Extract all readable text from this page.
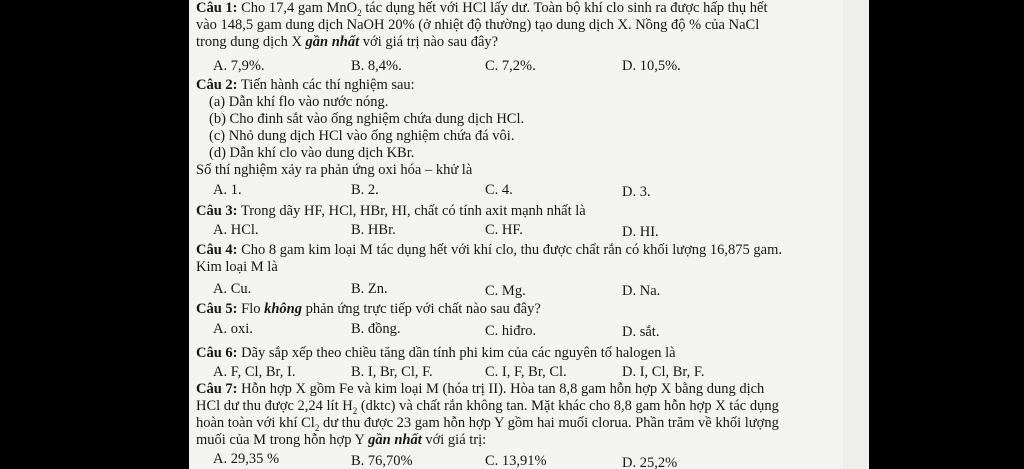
Câu 1: Cho 17,4 gam MnO$_2$ tác dụng hết với HCl lấy dư. Toàn bộ khí clo sinh ra được hấp thụ hết
vào 148,5 gam dung dịch NaOH 20% (ở nhiệt độ thường) tạo dung dịch X. Nồng độ % của NaCl
trong dung dịch X gần nhất với giá trị nào sau đây?
A. 7,9%.	B. 8,4%.	C. 7,2%.	D. 10,5%.
Câu 2: Tiến hành các thí nghiệm sau:
(a) Dẫn khí flo vào nước nóng.
(b) Cho đinh sắt vào ống nghiệm chứa dung dịch HCl.
(c) Nhỏ dung dịch HCl vào ống nghiệm chứa đá vôi.
(d) Dẫn khí clo vào dung dịch KBr.
Số thí nghiệm xảy ra phản ứng oxi hóa – khử là
A. 1.	B. 2.	C. 4.	D. 3.
Câu 3: Trong dãy HF, HCl, HBr, HI, chất có tính axit mạnh nhất là
A. HCl.	B. HBr.	C. HF.	D. HI.
Câu 4: Cho 8 gam kim loại M tác dụng hết với khí clo, thu được chất rắn có khối lượng 16,875 gam.
Kim loại M là
A. Cu.	B. Zn.	C. Mg.	D. Na.
Câu 5: Flo không phản ứng trực tiếp với chất nào sau đây?
A. oxi.	B. đồng.	C. hiđro.	D. sắt.
Câu 6: Dãy sắp xếp theo chiều tăng dần tính phi kim của các nguyên tố halogen là
A. F, Cl, Br, I.	B. I, Br, Cl, F.	C. I, F, Br, Cl.	D. I, Cl, Br, F.
Câu 7: Hỗn hợp X gồm Fe và kim loại M (hóa trị II). Hòa tan 8,8 gam hỗn hợp X bằng dung dịch
HCl dư thu được 2,24 lít $H_2$ (dktc) và chất rắn không tan. Mặt khác cho 8,8 gam hỗn hợp X tác dụng
hoàn toàn với khí $Cl_2$ dư thu được 23 gam hỗn hợp Y gồm hai muối clorua. Phần trăm về khối lượng
muối của M trong hỗn hợp Y gần nhất với giá trị:
A. 29,35 %	B. 76,70%	C. 13,91%	D. 25,2%
